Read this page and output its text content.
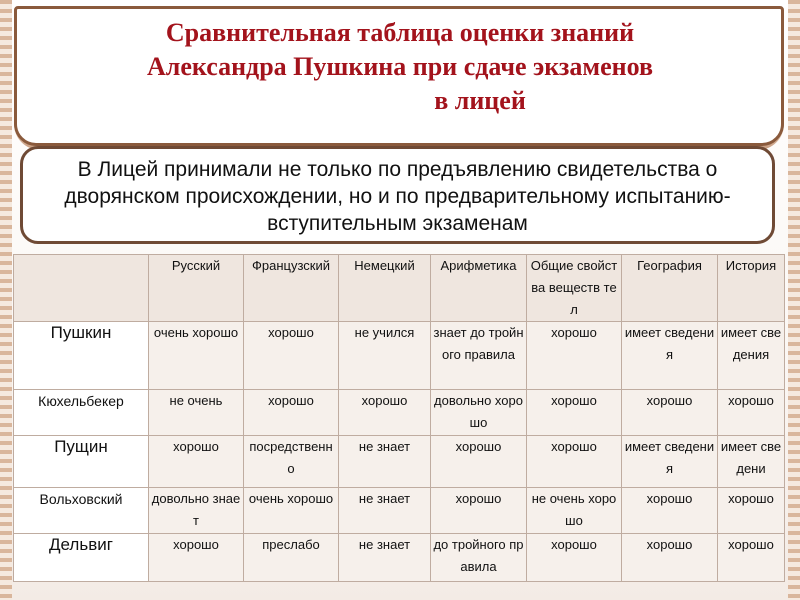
Сравнительная таблица оценки знаний
Александра Пушкина при сдаче экзаменов
в лицей
В Лицей принимали не только по предъявлению свидетельства о дворянском происхождении, но и по предварительному испытанию- вступительным экзаменам
	Русский	Французский	Немецкий	Арифметика	Общие свойства веществ тел	География	История
Пушкин	очень хорошо	хорошо	не учился	знает до тройного правила	хорошо	имеет сведения	имеет сведения
Кюхельбекер	не очень	хорошо	хорошо	довольно хорошо	хорошо	хорошо	хорошо
Пущин	хорошо	посредственно	не знает	хорошо	хорошо	имеет сведения	имеет сведени
Вольховский	довольно знает	очень хорошо	не знает	хорошо	не очень хорошо	хорошо	хорошо
Дельвиг	хорошо	преслабо	не знает	до тройного правила	хорошо	хорошо	хорошо
